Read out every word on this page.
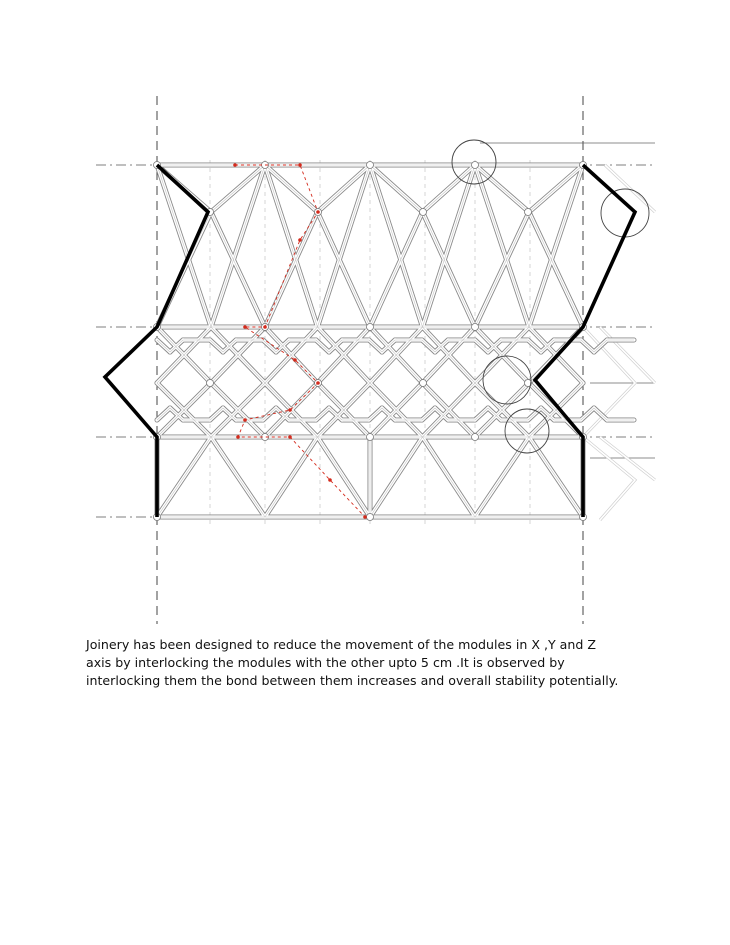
Joinery has been designed to reduce the movement of the modules in X ,Y and Z
axis by interlocking the modules with the other upto 5 cm .It is observed by
interlocking them the bond between them increases and overall stability potentially.
